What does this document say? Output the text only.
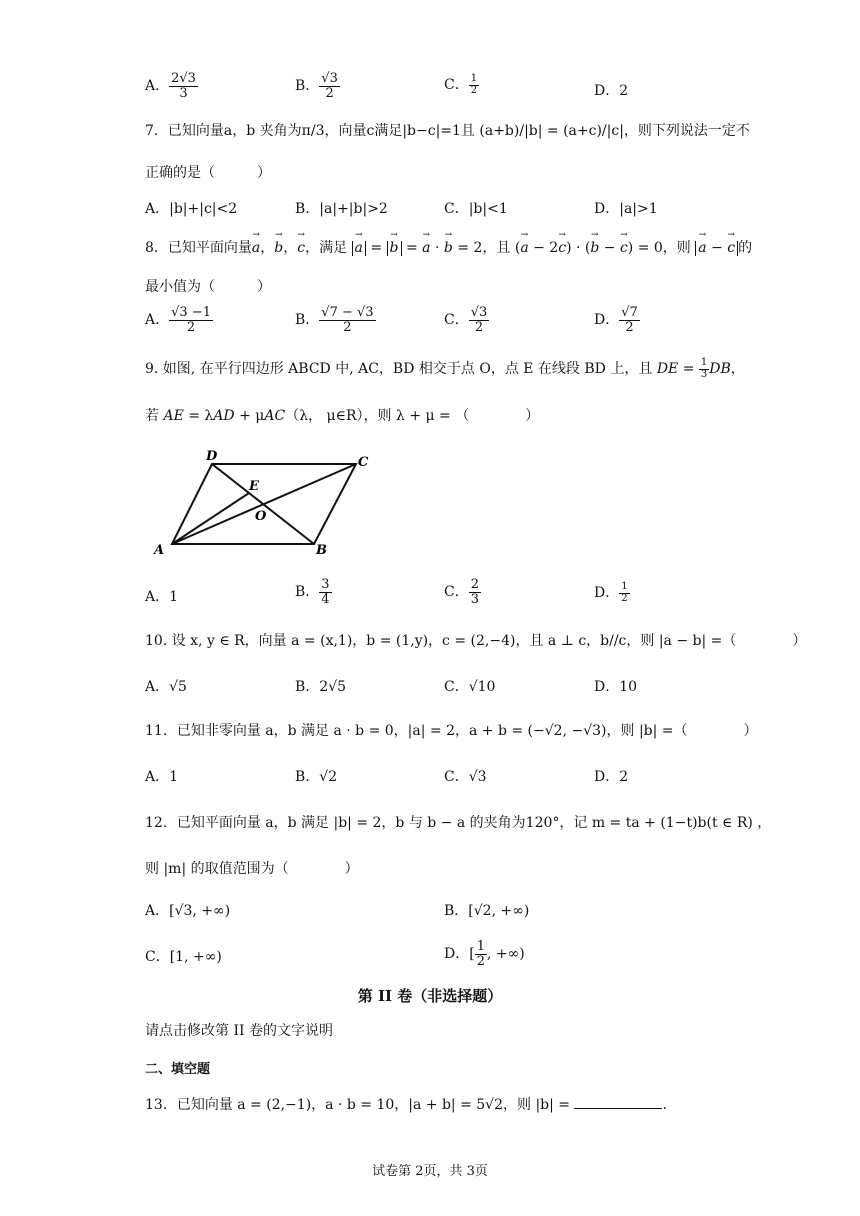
A． $\frac{2√3}{3}$	B． $\frac{√3}{2}$	C． $\frac{1}{2}$	D．2
7．已知向量a，b 夹角为π/3，向量c满足|b−c|=1且 (a+b)/|b| = (a+c)/|c|，则下列说法一定不
正确的是（　　　）
A．|b|+|c|<2	B．|a|+|b|>2	C．|b|<1	D．|a|>1
8．已知平面向量a →，b →，c →，满足 a → = b → = a → · b → = 2，且 (a → − 2c →) · (b → − c →) = 0，则 a → − c → 的
最小值为（　　　）
A． $\frac{√3 -1}{2}$	B． $\frac{√7 - √3}{2}$	C． $\frac{√3}{2}$	D． $\frac{√7}{2}$
9. 如图, 在平行四边形 ABCD 中, AC，BD 相交于点 O，点 E 在线段 BD 上，且 DE = $\frac{1}{3}$ DB，
若 AE = λAD + μAC（λ， μ∈R），则 λ + μ = （　　　　）
D	C
E
O
A	B
A．1	B． $\frac{3}{4}$	C． $\frac{2}{3}$	D． $\frac{1}{2}$
10. 设 x, y ∈ R，向量 a = (x,1)，b = (1,y)，c = (2,−4)，且 a ⊥ c，b//c，则 |a − b| =（　　　　）
A．√5	B．2√5	C．√10	D．10
11．已知非零向量 a，b 满足 a · b = 0，|a| = 2，a + b = (−√2, −√3)，则 |b| =（　　　　）
A．1	B．√2	C．√3	D．2
12．已知平面向量 a，b 满足 |b| = 2，b 与 b − a 的夹角为120°，记 m = ta + (1−t)b(t ∈ R) ，
则 |m| 的取值范围为（　　　　）
A．[√3, +∞)	B．[√2, +∞)
C．[1, +∞)	D．[ $\frac{1}{2}$ , +∞)
第 II 卷（非选择题）
请点击修改第 II 卷的文字说明
二、填空题
13．已知向量 a = (2,−1)，a · b = 10，|a + b| = 5√2，则 |b| =	.
试卷第 2页，共 3页
